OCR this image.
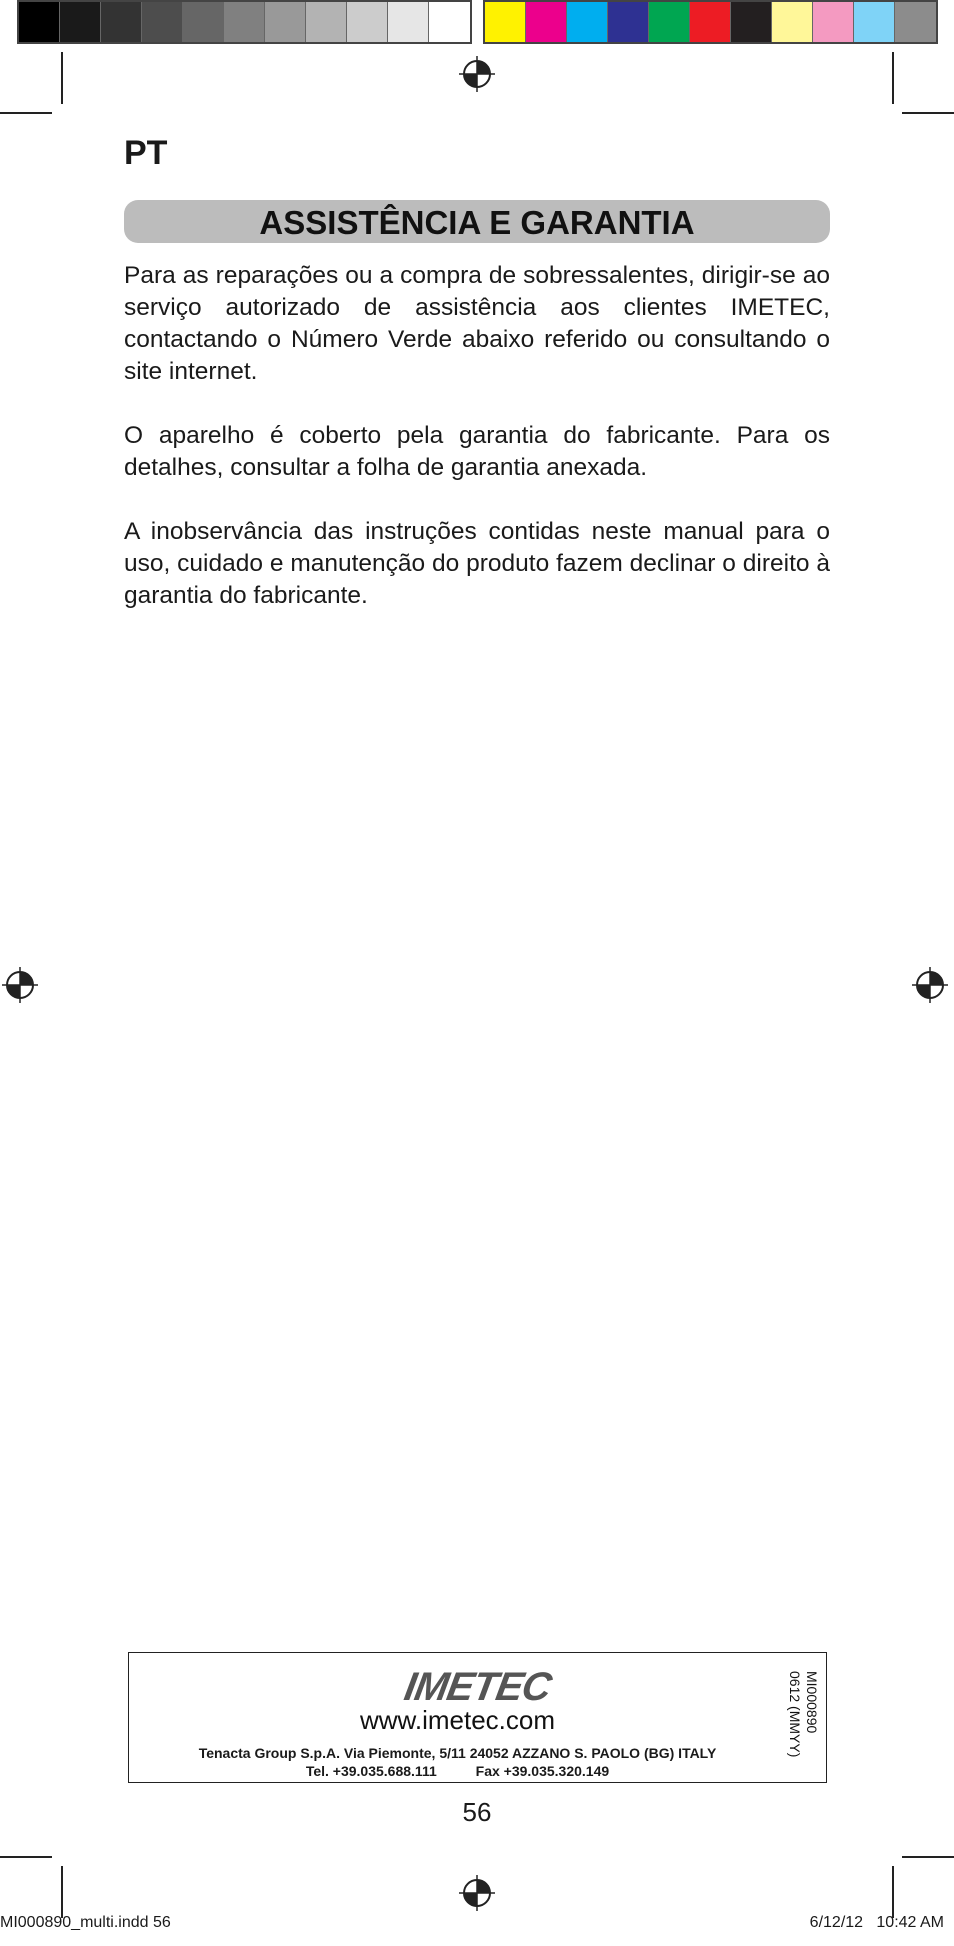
PT
ASSISTÊNCIA E GARANTIA

Para as reparações ou a compra de sobressalentes, dirigir-se ao serviço autorizado de assistência aos clientes IMETEC, contactando o Número Verde abaixo referido ou consultando o site internet.

O aparelho é coberto pela garantia do fabricante. Para os detalhes, consultar a folha de garantia anexada.

A inobservância das instruções contidas neste manual para o uso, cuidado e manutenção do produto fazem declinar o direito à garantia do fabricante.

IMETEC
www.imetec.com
Tenacta Group S.p.A. Via Piemonte, 5/11 24052 AZZANO S. PAOLO (BG) ITALY
Tel. +39.035.688.111          Fax +39.035.320.149
MI000890
0612 (MMYY)
56
MI000890_multi.indd 56	6/12/12   10:42 AM
